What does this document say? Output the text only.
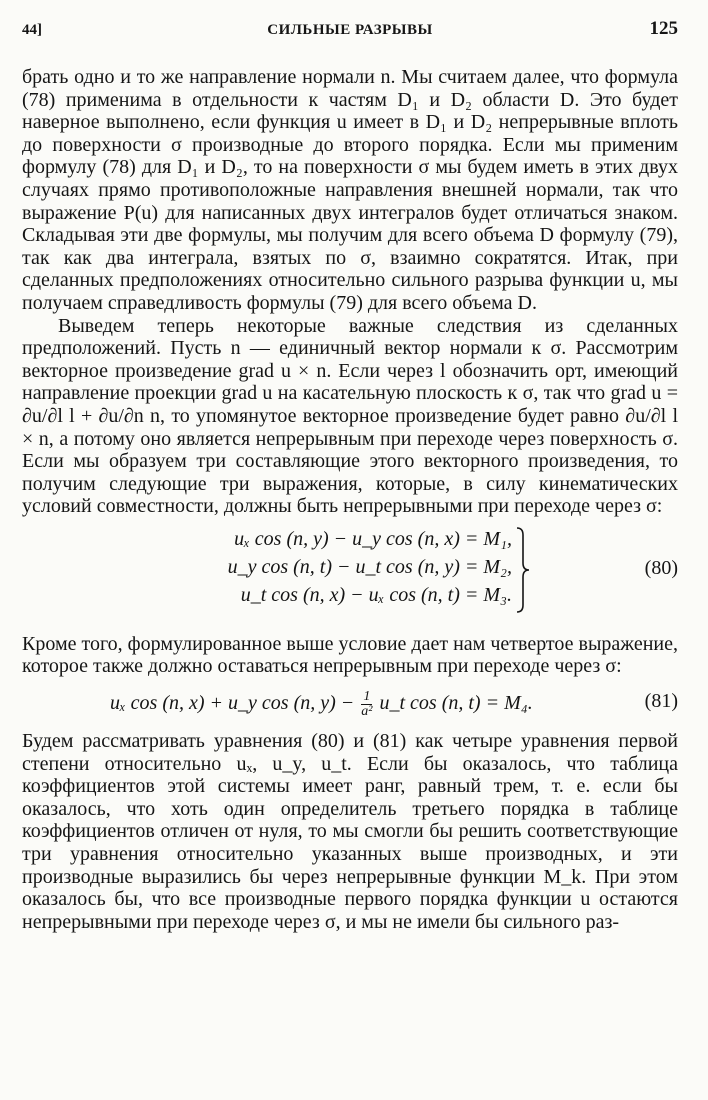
44]	СИЛЬНЫЕ РАЗРЫВЫ	125

брать одно и то же направление нормали n. Мы считаем далее, что формула (78) применима в отдельности к частям D₁ и D₂ области D. Это будет наверное выполнено, если функция u имеет в D₁ и D₂ непрерывные вплоть до поверхности σ производные до второго порядка. Если мы применим формулу (78) для D₁ и D₂, то на поверхности σ мы будем иметь в этих двух случаях прямо противоположные направления внешней нормали, так что выражение P(u) для написанных двух интегралов будет отличаться знаком. Складывая эти две формулы, мы получим для всего объема D формулу (79), так как два интеграла, взятых по σ, взаимно сократятся. Итак, при сделанных предположениях относительно сильного разрыва функции u, мы получаем справедливость формулы (79) для всего объема D.

Выведем теперь некоторые важные следствия из сделанных предположений. Пусть n — единичный вектор нормали к σ. Рассмотрим векторное произведение grad u × n. Если через l обозначить орт, имеющий направление проекции grad u на касательную плоскость к σ, так что grad u = ∂u/∂l l + ∂u/∂n n, то упомянутое векторное произведение будет равно ∂u/∂l l × n, а потому оно является непрерывным при переходе через поверхность σ. Если мы образуем три составляющие этого векторного произведения, то получим следующие три выражения, которые, в силу кинематических условий совместности, должны быть непрерывными при переходе через σ:

uₓ cos (n, y) − u_y cos (n, x) = M₁,
u_y cos (n, t) − u_t cos (n, y) = M₂,
u_t cos (n, x) − uₓ cos (n, t) = M₃.
(80)

Кроме того, формулированное выше условие дает нам четвертое выражение, которое также должно оставаться непрерывным при переходе через σ:

uₓ cos (n, x) + u_y cos (n, $y) - \frac{1}{\text{a²}}$ u_t cos (n, t) = M₄.	(81)

Будем рассматривать уравнения (80) и (81) как четыре уравнения первой степени относительно uₓ, u_y, u_t. Если бы оказалось, что таблица коэффициентов этой системы имеет ранг, равный трем, т. е. если бы оказалось, что хоть один определитель третьего порядка в таблице коэффициентов отличен от нуля, то мы смогли бы решить соответствующие три уравнения относительно указанных выше производных, и эти производные выразились бы через непрерывные функции M_k. При этом оказалось бы, что все производные первого порядка функции u остаются непрерывными при переходе через σ, и мы не имели бы сильного раз-
